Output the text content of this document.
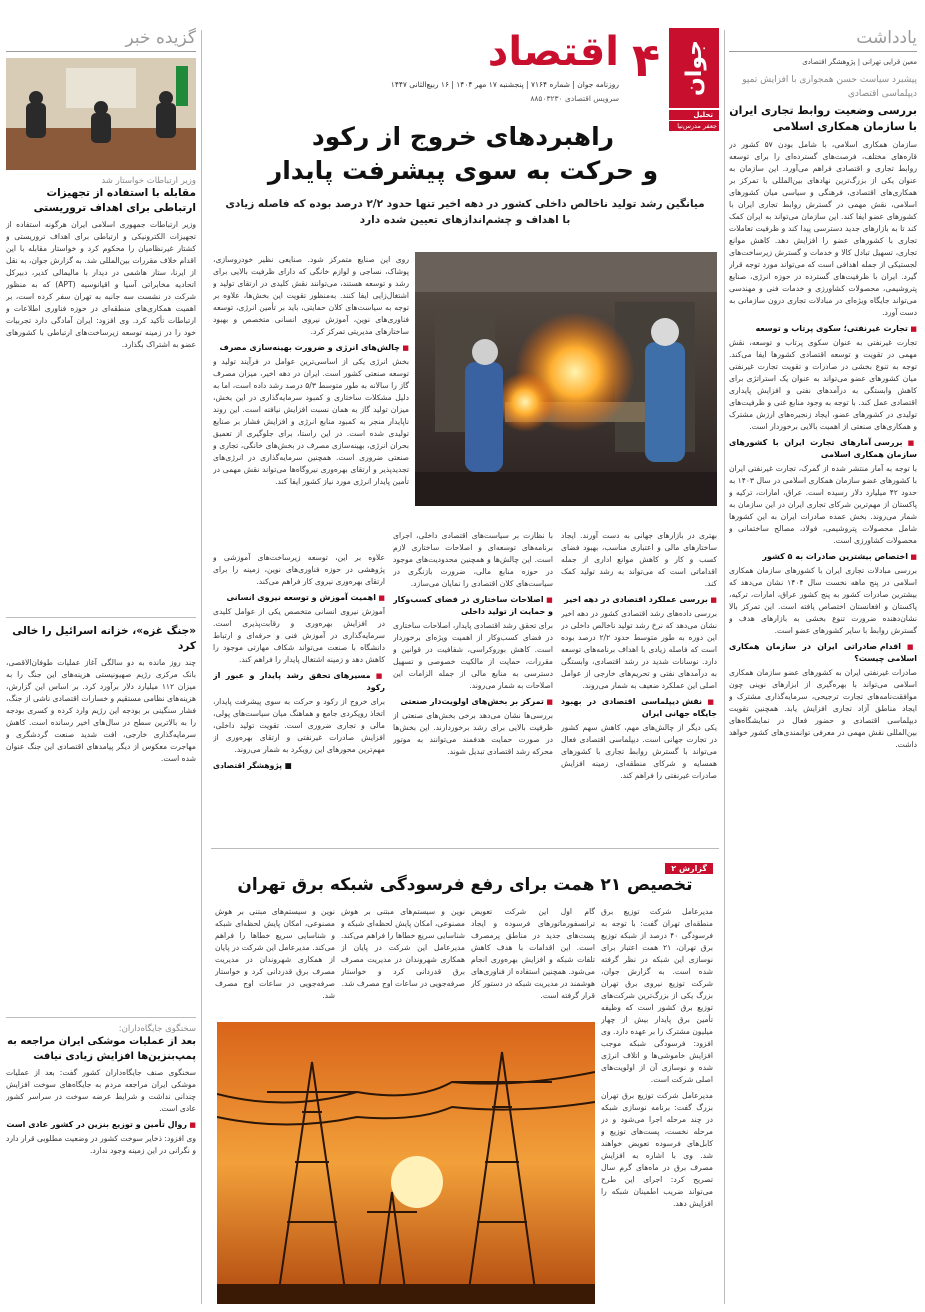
یادداشت
معین قرایی تهرانی | پژوهشگر اقتصادی
پیشبرد سیاست حسن همجواری با افزایش تمپو دیپلماسی اقتصادی
بررسی وضعیت روابط تجاری ایران با سازمان همکاری اسلامی

سازمان همکاری اسلامی، با شامل بودن ۵۷ کشور در قاره‌های مختلف، فرصت‌های گسترده‌ای را برای توسعه روابط تجاری و اقتصادی فراهم می‌آورد. این سازمان به عنوان یکی از بزرگ‌ترین نهادهای بین‌المللی با تمرکز بر همکاری‌های اقتصادی، فرهنگی و سیاسی میان کشورهای اسلامی، نقش مهمی در گسترش روابط تجاری ایران با کشورهای عضو ایفا کند. این سازمان می‌تواند به ایران کمک کند تا به بازارهای جدید دسترسی پیدا کند و ظرفیت تعاملات تجاری با کشورهای عضو را افزایش دهد. کاهش موانع تجاری، تسهیل تبادل کالا و خدمات و گسترش زیرساخت‌های لجستیکی از جمله اهدافی است که می‌تواند مورد توجه قرار گیرد. ایران با ظرفیت‌های گسترده در حوزه انرژی، صنایع پتروشیمی، محصولات کشاورزی و خدمات فنی و مهندسی می‌تواند جایگاه ویژه‌ای در مبادلات تجاری درون سازمانی به دست آورد.

■ تجارت غیرنفتی؛ سکوی پرتاب و توسعه

تجارت غیرنفتی به عنوان سکوی پرتاب و توسعه، نقش مهمی در تقویت و توسعه اقتصادی کشورها ایفا می‌کند. توجه به تنوع بخشی در صادرات و تقویت تجارت غیرنفتی میان کشورهای عضو می‌تواند به عنوان یک استراتژی برای کاهش وابستگی به درآمدهای نفتی و افزایش پایداری اقتصادی عمل کند. با توجه به وجود منابع غنی و ظرفیت‌های تولیدی در کشورهای عضو، ایجاد زنجیره‌های ارزش مشترک و همکاری‌های صنعتی از اهمیت بالایی برخوردار است.

■ بررسی آمارهای تجارت ایران با کشورهای سازمان همکاری اسلامی

با توجه به آمار منتشر شده از گمرک، تجارت غیرنفتی ایران با کشورهای عضو سازمان همکاری اسلامی در سال ۱۴۰۳ به حدود ۴۲ میلیارد دلار رسیده است. عراق، امارات، ترکیه و پاکستان از مهم‌ترین شرکای تجاری ایران در این سازمان به شمار می‌روند. بخش عمده صادرات ایران به این کشورها شامل محصولات پتروشیمی، فولاد، مصالح ساختمانی و محصولات کشاورزی است.

■ اختصاص بیشترین صادرات به ۵ کشور

بررسی مبادلات تجاری ایران با کشورهای سازمان همکاری اسلامی در پنج ماهه نخست سال ۱۴۰۴ نشان می‌دهد که بیشترین صادرات کشور به پنج کشور عراق، امارات، ترکیه، پاکستان و افغانستان اختصاص یافته است. این تمرکز بالا نشان‌دهنده ضرورت تنوع بخشی به بازارهای هدف و گسترش روابط با سایر کشورهای عضو است.

■ اقدام صادراتی ایران در سازمان همکاری اسلامی چیست؟

صادرات غیرنفتی ایران به کشورهای عضو سازمان همکاری اسلامی می‌تواند با بهره‌گیری از ابزارهای نوینی چون موافقت‌نامه‌های تجارت ترجیحی، سرمایه‌گذاری مشترک و ایجاد مناطق آزاد تجاری افزایش یابد. همچنین تقویت دیپلماسی اقتصادی و حضور فعال در نمایشگاه‌های بین‌المللی نقش مهمی در معرفی توانمندی‌های کشور خواهد داشت.

جوان
تحلیل
جعفر مدرس‌نیا
۴
اقتصاد
روزنامه جوان | شماره ۷۱۶۴ | پنجشنبه ۱۷ مهر ۱۴۰۴ | ۱۶ ربیع‌الثانی ۱۴۴۷
سرویس اقتصادی ۸۸۵۰۳۲۳۰
راهبردهای خروج از رکود
و حرکت به سوی پیشرفت پایدار
میانگین رشد تولید ناخالص داخلی کشور در دهه اخیر تنها حدود ۲/۲ درصد بوده که فاصله زیادی با اهداف و چشم‌اندازهای تعیین شده دارد

روی این صنایع متمرکز شود. صنایعی نظیر خودروسازی، پوشاک، نساجی و لوازم خانگی که دارای ظرفیت بالایی برای رشد و توسعه هستند، می‌توانند نقش کلیدی در ارتقای تولید و اشتغال‌زایی ایفا کنند. به‌منظور تقویت این بخش‌ها، علاوه بر توجه به سیاست‌های کلان حمایتی، باید بر تأمین انرژی، توسعه فناوری‌های نوین، آموزش نیروی انسانی متخصص و بهبود ساختارهای مدیریتی تمرکز کرد.

■ چالش‌های انرژی و ضرورت بهینه‌سازی مصرف

بخش انرژی یکی از اساسی‌ترین عوامل در فرآیند تولید و توسعه صنعتی کشور است. ایران در دهه اخیر، میزان مصرف گاز را سالانه به طور متوسط ۵/۳ درصد رشد داده است، اما به دلیل مشکلات ساختاری و کمبود سرمایه‌گذاری در این بخش، میزان تولید گاز به همان نسبت افزایش نیافته است. این روند ناپایدار منجر به کمبود منابع انرژی و افزایش فشار بر صنایع تولیدی شده است. در این راستا، برای جلوگیری از تعمیق بحران انرژی، بهینه‌سازی مصرف در بخش‌های خانگی، تجاری و صنعتی ضروری است. همچنین سرمایه‌گذاری در انرژی‌های تجدیدپذیر و ارتقای بهره‌وری نیروگاه‌ها می‌تواند نقش مهمی در تأمین پایدار انرژی مورد نیاز کشور ایفا کند.

بهتری در بازارهای جهانی به دست آورند. ایجاد ساختارهای مالی و اعتباری مناسب، بهبود فضای کسب و کار و کاهش موانع اداری از جمله اقداماتی است که می‌تواند به رشد تولید کمک کند.

■ بررسی عملکرد اقتصادی در دهه اخیر

بررسی داده‌های رشد اقتصادی کشور در دهه اخیر نشان می‌دهد که نرخ رشد تولید ناخالص داخلی در این دوره به طور متوسط حدود ۲/۲ درصد بوده است که فاصله زیادی با اهداف برنامه‌های توسعه دارد. نوسانات شدید در رشد اقتصادی، وابستگی به درآمدهای نفتی و تحریم‌های خارجی از عوامل اصلی این عملکرد ضعیف به شمار می‌روند.

■ نقش دیپلماسی اقتصادی در بهبود جایگاه جهانی ایران

یکی دیگر از چالش‌های مهم، کاهش سهم کشور در تجارت جهانی است. دیپلماسی اقتصادی فعال می‌تواند با گسترش روابط تجاری با کشورهای همسایه و شرکای منطقه‌ای، زمینه افزایش صادرات غیرنفتی را فراهم کند.

با نظارت بر سیاست‌های اقتصادی داخلی، اجرای برنامه‌های توسعه‌ای و اصلاحات ساختاری لازم است. این چالش‌ها و همچنین محدودیت‌های موجود در حوزه منابع مالی، ضرورت بازنگری در سیاست‌های کلان اقتصادی را نمایان می‌سازد.

■ اصلاحات ساختاری در فضای کسب‌وکار و حمایت از تولید داخلی

برای تحقق رشد اقتصادی پایدار، اصلاحات ساختاری در فضای کسب‌وکار از اهمیت ویژه‌ای برخوردار است. کاهش بوروکراسی، شفافیت در قوانین و مقررات، حمایت از مالکیت خصوصی و تسهیل دسترسی به منابع مالی از جمله الزامات این اصلاحات به شمار می‌روند.

■ تمرکز بر بخش‌های اولویت‌دار صنعتی

بررسی‌ها نشان می‌دهد برخی بخش‌های صنعتی از ظرفیت بالایی برای رشد برخوردارند. این بخش‌ها در صورت حمایت هدفمند می‌توانند به موتور محرکه رشد اقتصادی تبدیل شوند.

علاوه بر این، توسعه زیرساخت‌های آموزشی و پژوهشی در حوزه فناوری‌های نوین، زمینه را برای ارتقای بهره‌وری نیروی کار فراهم می‌کند.

■ اهمیت آموزش و توسعه نیروی انسانی

آموزش نیروی انسانی متخصص یکی از عوامل کلیدی در افزایش بهره‌وری و رقابت‌پذیری است. سرمایه‌گذاری در آموزش فنی و حرفه‌ای و ارتباط دانشگاه با صنعت می‌تواند شکاف مهارتی موجود را کاهش دهد و زمینه اشتغال پایدار را فراهم کند.

■ مسیرهای تحقق رشد پایدار و عبور از رکود

برای خروج از رکود و حرکت به سوی پیشرفت پایدار، اتخاذ رویکردی جامع و هماهنگ میان سیاست‌های پولی، مالی و تجاری ضروری است. تقویت تولید داخلی، افزایش صادرات غیرنفتی و ارتقای بهره‌وری از مهم‌ترین محورهای این رویکرد به شمار می‌روند.

■ پژوهشگر اقتصادی
گزارش ۲
تخصیص ۲۱ همت برای رفع فرسودگی شبکه برق تهران

مدیرعامل شرکت توزیع برق منطقه‌ای تهران گفت: با توجه به فرسودگی ۴۰ درصد از شبکه توزیع برق تهران، ۲۱ همت اعتبار برای نوسازی این شبکه در نظر گرفته شده است. به گزارش جوان، شرکت توزیع نیروی برق تهران بزرگ یکی از بزرگ‌ترین شرکت‌های توزیع برق کشور است که وظیفه تأمین برق پایدار بیش از چهار میلیون مشترک را بر عهده دارد. وی افزود: فرسودگی شبکه موجب افزایش خاموشی‌ها و اتلاف انرژی شده و نوسازی آن از اولویت‌های اصلی شرکت است.

مدیرعامل شرکت توزیع برق تهران بزرگ گفت: برنامه نوسازی شبکه در چند مرحله اجرا می‌شود و در مرحله نخست، پست‌های توزیع و کابل‌های فرسوده تعویض خواهند شد. وی با اشاره به افزایش مصرف برق در ماه‌های گرم سال تصریح کرد: اجرای این طرح می‌تواند ضریب اطمینان شبکه را افزایش دهد.

گام اول این شرکت تعویض ترانسفورماتورهای فرسوده و ایجاد پست‌های جدید در مناطق پرمصرف است. این اقدامات با هدف کاهش تلفات شبکه و افزایش بهره‌وری انجام می‌شود. همچنین استفاده از فناوری‌های هوشمند در مدیریت شبکه در دستور کار قرار گرفته است.

نوین و سیستم‌های مبتنی بر هوش مصنوعی، امکان پایش لحظه‌ای شبکه و شناسایی سریع خطاها را فراهم می‌کند. مدیرعامل این شرکت در پایان از همکاری شهروندان در مدیریت مصرف برق قدردانی کرد و خواستار صرفه‌جویی در ساعات اوج مصرف شد.

نوین و سیستم‌های مبتنی بر هوش مصنوعی، امکان پایش لحظه‌ای شبکه و شناسایی سریع خطاها را فراهم می‌کند. مدیرعامل این شرکت در پایان از همکاری شهروندان در مدیریت مصرف برق قدردانی کرد و خواستار صرفه‌جویی در ساعات اوج مصرف شد.

گزیده خبر
وزیر ارتباطات خواستار شد
مقابله با استفاده از تجهیزات ارتباطی برای اهداف تروریستی

وزیر ارتباطات جمهوری اسلامی ایران هرگونه استفاده از تجهیزات الکترونیکی و ارتباطی برای اهداف تروریستی و کشتار غیرنظامیان را محکوم کرد و خواستار مقابله با این اقدام خلاف مقررات بین‌المللی شد. به گزارش جوان، به نقل از ایرنا، ستار هاشمی در دیدار با مالیمالی کدیر، دبیرکل اتحادیه مخابراتی آسیا و اقیانوسیه (APT) که به منظور شرکت در نشست سه جانبه به تهران سفر کرده است، بر اهمیت همکاری‌های منطقه‌ای در حوزه فناوری اطلاعات و ارتباطات تأکید کرد. وی افزود: ایران آمادگی دارد تجربیات خود را در زمینه توسعه زیرساخت‌های ارتباطی با کشورهای عضو به اشتراک بگذارد.

«جنگ غزه»، خزانه اسرائیل را خالی کرد

چند روز مانده به دو سالگی آغاز عملیات طوفان‌الاقصی، بانک مرکزی رژیم صهیونیستی هزینه‌های این جنگ را به میزان ۱۱۲ میلیارد دلار برآورد کرد. بر اساس این گزارش، هزینه‌های نظامی مستقیم و خسارات اقتصادی ناشی از جنگ، فشار سنگینی بر بودجه این رژیم وارد کرده و کسری بودجه را به بالاترین سطح در سال‌های اخیر رسانده است. کاهش سرمایه‌گذاری خارجی، افت شدید صنعت گردشگری و مهاجرت معکوس از دیگر پیامدهای اقتصادی این جنگ عنوان شده است.

سخنگوی جایگاه‌داران:
بعد از عملیات موشکی ایران مراجعه به پمپ‌بنزین‌ها افزایش زیادی نیافت

سخنگوی صنف جایگاه‌داران کشور گفت: بعد از عملیات موشکی ایران مراجعه مردم به جایگاه‌های سوخت افزایش چندانی نداشت و شرایط عرضه سوخت در سراسر کشور عادی است.

■ روال تأمین و توزیع بنزین در کشور عادی است

وی افزود: ذخایر سوخت کشور در وضعیت مطلوبی قرار دارد و نگرانی در این زمینه وجود ندارد.
